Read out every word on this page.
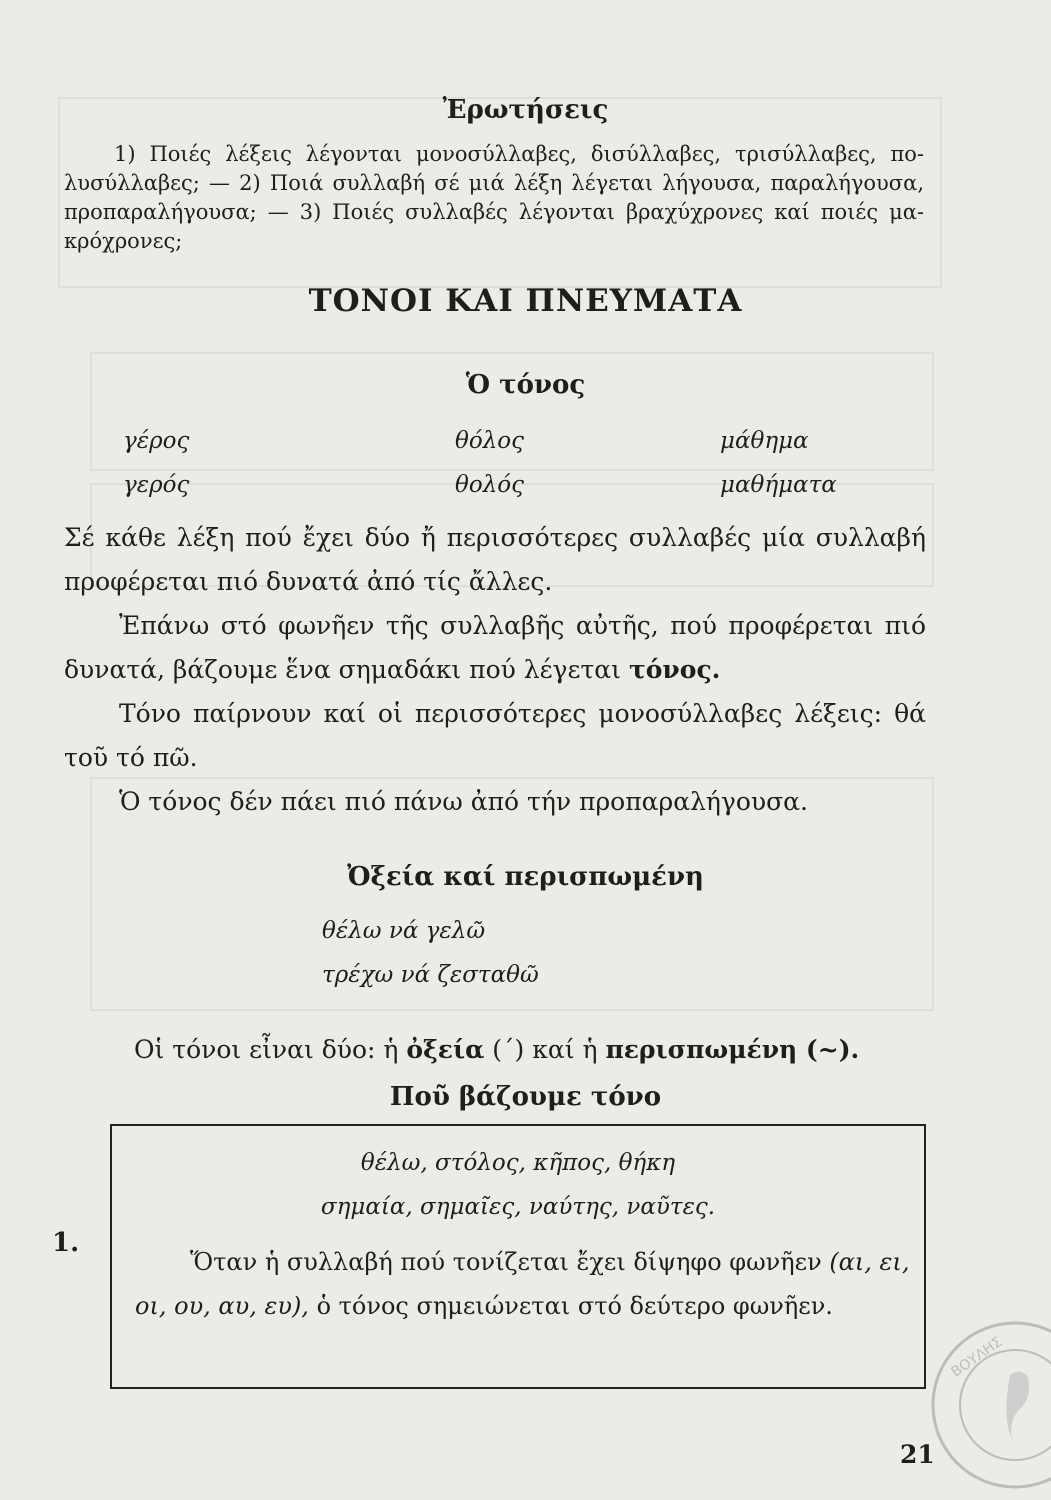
Ἐρωτήσεις

1) Ποιές λέξεις λέγονται μονοσύλλαβες, δισύλλαβες, τρισύλλαβες, πο-λυσύλλαβες; — 2) Ποιά συλλαβή σέ μιά λέξη λέγεται λήγουσα, παραλήγουσα, προπαραλήγουσα; — 3) Ποιές συλλαβές λέγονται βραχύχρονες καί ποιές μα-κρόχρονες;

ΤΟΝΟΙ ΚΑΙ ΠΝΕΥΜΑΤΑ
Ὁ τόνος
γέρος	θόλος	μάθημα
γερός	θολός	μαθήματα
Σέ κάθε λέξη πού ἔχει δύο ἤ περισσότερες συλλαβές μία συλλαβή προφέρεται πιό δυνατά ἀπό τίς ἄλλες.
Ἐπάνω στό φωνῆεν τῆς συλλαβῆς αὐτῆς, πού προφέρεται πιό δυνατά, βάζουμε ἕνα σημαδάκι πού λέγεται τόνος.
Τόνο παίρνουν καί οἱ περισσότερες μονοσύλλαβες λέξεις: θά τοῦ τό πῶ.
Ὁ τόνος δέν πάει πιό πάνω ἀπό τήν προπαραλήγουσα.
Ὀξεία καί περισπωμένη
θέλω νά γελῶ
τρέχω νά ζεσταθῶ
Οἱ τόνοι εἶναι δύο: ἡ ὀξεία (΄) καί ἡ περισπωμένη (~).
Ποῦ βάζουμε τόνο
1.
θέλω, στόλος, κῆπος, θήκη
σημαία, σημαῖες, ναύτης, ναῦτες.
Ὅταν ἡ συλλαβή πού τονίζεται ἔχει δίψηφο φωνῆεν (αι, ει, οι, ου, αυ, ευ), ὁ τόνος σημειώνεται στό δεύτερο φωνῆεν.
21
ΒΟΥΛΗΣ
